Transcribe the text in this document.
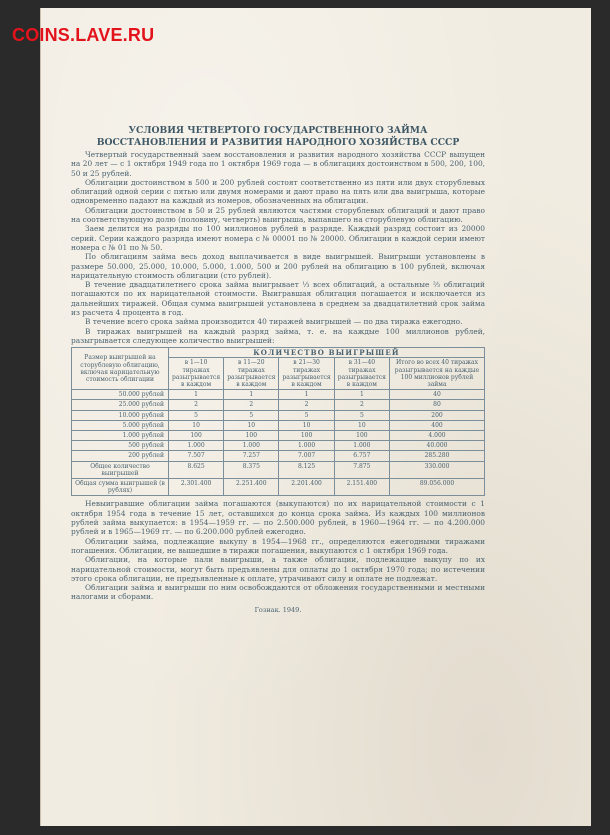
COINS.LAVE.RU
УСЛОВИЯ ЧЕТВЕРТОГО ГОСУДАРСТВЕННОГО ЗАЙМА
ВОССТАНОВЛЕНИЯ И РАЗВИТИЯ НАРОДНОГО ХОЗЯЙСТВА СССР

Четвертый государственный заем восстановления и развития народного хозяйства СССР выпущен на 20 лет — с 1 октября 1949 года по 1 октября 1969 года — в облигациях достоинством в 500, 200, 100, 50 и 25 рублей.

Облигации достоинством в 500 и 200 рублей состоят соответственно из пяти или двух сторублевых облигаций одной серии с пятью или двумя номерами и дают право на пять или два выигрыша, которые одновременно падают на каждый из номеров, обозначенных на облигации.

Облигации достоинством в 50 и 25 рублей являются частями сторублевых облигаций и дают право на соответствующую долю (половину, четверть) выигрыша, выпавшего на сторублевую облигацию.

Заем делится на разряды по 100 миллионов рублей в разряде. Каждый разряд состоит из 20000 серий. Серии каждого разряда имеют номера с № 00001 по № 20000. Облигации в каждой серии имеют номера с № 01 по № 50.

По облигациям займа весь доход выплачивается в виде выигрышей. Выигрыши установлены в размере 50.000, 25.000, 10.000, 5.000, 1.000, 500 и 200 рублей на облигацию в 100 рублей, включая нарицательную стоимость облигации (сто рублей).

В течение двадцатилетнего срока займа выигрывает ⅓ всех облигаций, а остальные ⅔ облигаций погашаются по их нарицательной стоимости. Выигравшая облигация погашается и исключается из дальнейших тиражей. Общая сумма выигрышей установлена в среднем за двадцатилетний срок займа из расчета 4 процента в год.

В течение всего срока займа производится 40 тиражей выигрышей — по два тиража ежегодно.

В тиражах выигрышей на каждый разряд займа, т. е. на каждые 100 миллионов рублей, разыгрывается следующее количество выигрышей:

Размер выигрышей на сторублевую облигацию, включая нарицательную стоимость облигации	КОЛИЧЕСТВО ВЫИГРЫШЕЙ				
	в 1—10 тиражах разыгрывается в каждом	в 11—20 тиражах разыгрывается в каждом	в 21—30 тиражах разыгрывается в каждом	в 31—40 тиражах разыгрывается в каждом	Итого во всех 40 тиражах разыгрывается на каждые 100 миллионов рублей займа
50.000 рублей	1	1	1	1	40
25.000 рублей	2	2	2	2	80
10.000 рублей	5	5	5	5	200
5.000 рублей	10	10	10	10	400
1.000 рублей	100	100	100	100	4.000
500 рублей	1.000	1.000	1.000	1.000	40.000
200 рублей	7.507	7.257	7.007	6.757	285.280
Общее количество выигрышей	8.625	8.375	8.125	7.875	330.000
Общая сумма выигрышей (в рублях)	2.301.400	2.251.400	2.201.400	2.151.400	89.056.000

Невыигравшие облигации займа погашаются (выкупаются) по их нарицательной стоимости с 1 октября 1954 года в течение 15 лет, оставшихся до конца срока займа. Из каждых 100 миллионов рублей займа выкупается: в 1954—1959 гг. — по 2.500.000 рублей, в 1960—1964 гг. — по 4.200.000 рублей и в 1965—1969 гг. — по 6.200.000 рублей ежегодно.

Облигации займа, подлежащие выкупу в 1954—1968 гг., определяются ежегодными тиражами погашения. Облигации, не вышедшие в тиражи погашения, выкупаются с 1 октября 1969 года.

Облигации, на которые пали выигрыши, а также облигации, подлежащие выкупу по их нарицательной стоимости, могут быть предъявлены для оплаты до 1 октября 1970 года; по истечении этого срока облигации, не предъявленные к оплате, утрачивают силу и оплате не подлежат.

Облигации займа и выигрыши по ним освобождаются от обложения государственными и местными налогами и сборами.

Гознак. 1949.
